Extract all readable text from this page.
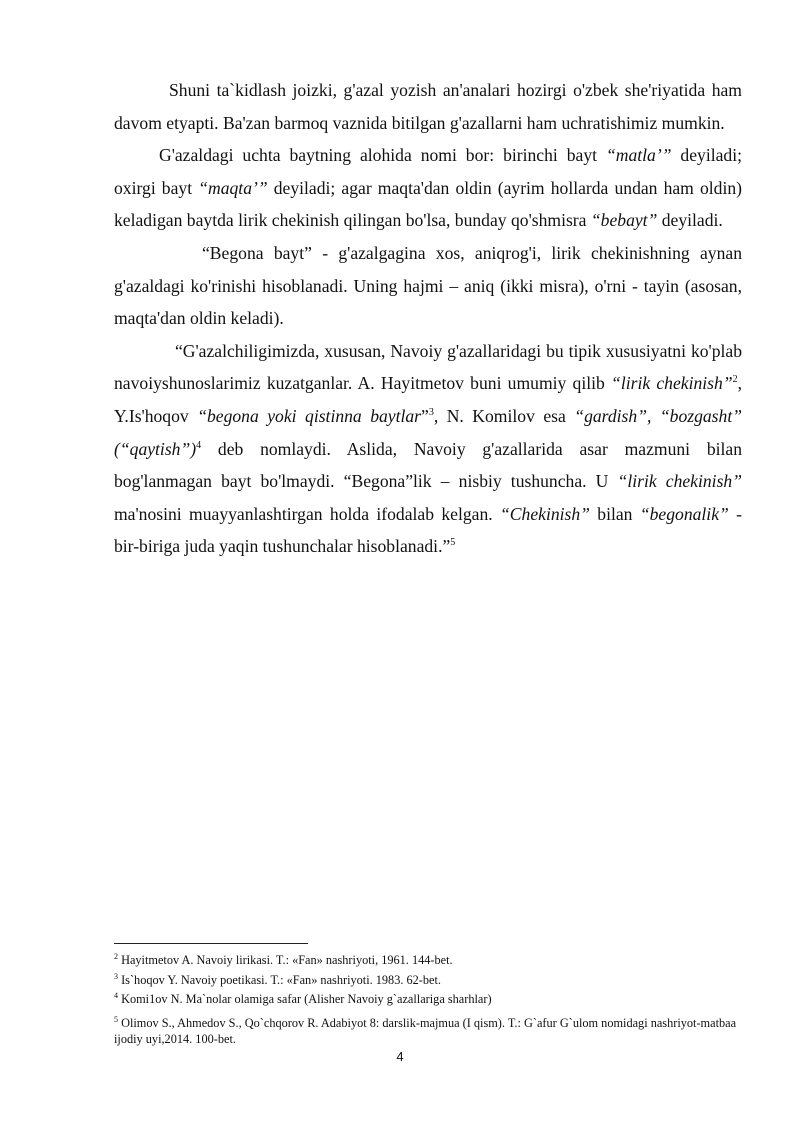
Shuni ta`kidlash joizki, g'azal yozish an'analari hozirgi o'zbek she'riyatida ham davom etyapti. Ba'zan barmoq vaznida bitilgan g'azallarni ham uchratishimiz mumkin.

G'azaldagi uchta baytning alohida nomi bor: birinchi bayt “matla’” deyiladi; oxirgi bayt “maqta’” deyiladi; agar maqta'dan oldin (ayrim hollarda undan ham oldin) keladigan baytda lirik chekinish qilingan bo'lsa, bunday qo'shmisra “bebayt” deyiladi.

“Begona bayt” - g'azalgagina xos, aniqrog'i, lirik chekinishning aynan g'azaldagi ko'rinishi hisoblanadi. Uning hajmi – aniq (ikki misra), o'rni - tayin (asosan, maqta'dan oldin keladi).

“G'azalchiligimizda, xususan, Navoiy g'azallaridagi bu tipik xususiyatni ko'plab navoiyshunoslarimiz kuzatganlar. A. Hayitmetov buni umumiy qilib “lirik chekinish”$^2$, Y.Is'hoqov “begona yoki qistinna baytlar”$^3$, N. Komilov esa “gardish”, “bozgasht” (“qaytish”)$^4$ deb nomlaydi. Aslida, Navoiy g'azallarida asar mazmuni bilan bog'lanmagan bayt bo'lmaydi. “Begona”lik – nisbiy tushuncha. U “lirik chekinish” ma'nosini muayyanlashtirgan holda ifodalab kelgan. “Chekinish” bilan “begonalik” - bir-biriga juda yaqin tushunchalar hisoblanadi.”$^5$

$^2$ Hayitmetov A. Navoiy lirikasi. T.: «Fan» nashriyoti, 1961. 144-bet.

$^3$ Is`hoqov Y. Navoiy poetikasi. T.: «Fan» nashriyoti. 1983. 62-bet.

$^4$ Komi1ov N. Ma`nolar olamiga safar (Alisher Navoiy g`azallariga sharhlar)

$^5$ Olimov S., Ahmedov S., Qo`chqorov R. Adabiyot 8: darslik-majmua (I qism). T.: G`afur G`ulom nomidagi nashriyot-matbaa ijodiy uyi,2014. 100-bet.

4
